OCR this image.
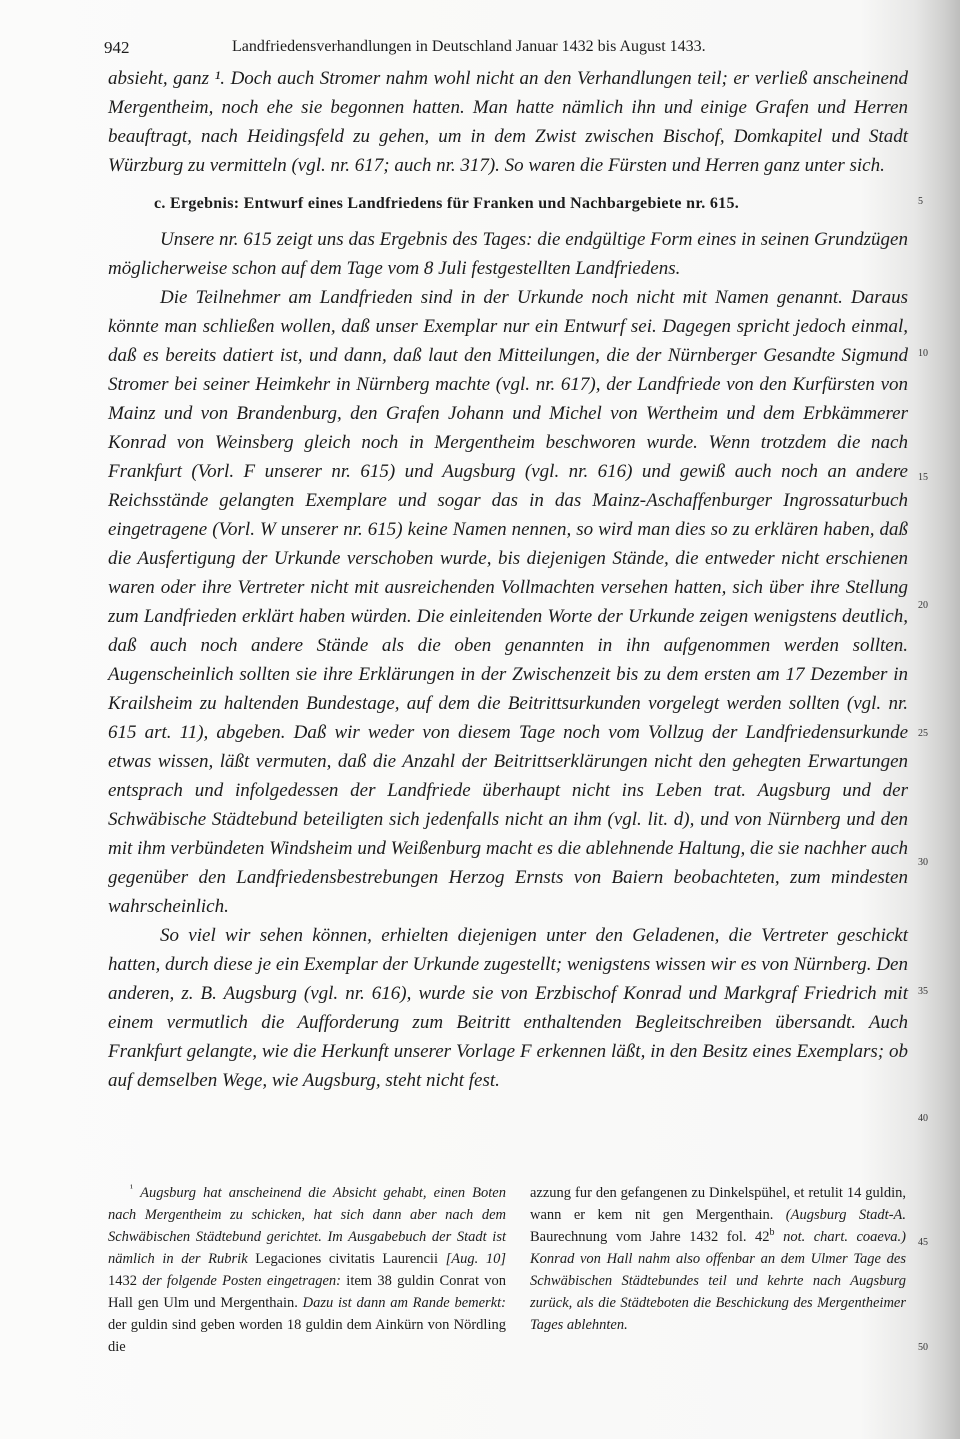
942	Landfriedensverhandlungen in Deutschland Januar 1432 bis August 1433.

absieht, ganz ¹. Doch auch Stromer nahm wohl nicht an den Verhandlungen teil; er verließ anscheinend Mergentheim, noch ehe sie begonnen hatten. Man hatte nämlich ihn und einige Grafen und Herren beauftragt, nach Heidingsfeld zu gehen, um in dem Zwist zwischen Bischof, Domkapitel und Stadt Würzburg zu vermitteln (vgl. nr. 617; auch nr. 317). So waren die Fürsten und Herren ganz unter sich.

c. Ergebnis: Entwurf eines Landfriedens für Franken und Nachbargebiete nr. 615.

Unsere nr. 615 zeigt uns das Ergebnis des Tages: die endgültige Form eines in seinen Grundzügen möglicherweise schon auf dem Tage vom 8 Juli festgestellten Landfriedens.

Die Teilnehmer am Landfrieden sind in der Urkunde noch nicht mit Namen genannt. Daraus könnte man schließen wollen, daß unser Exemplar nur ein Entwurf sei. Dagegen spricht jedoch einmal, daß es bereits datiert ist, und dann, daß laut den Mitteilungen, die der Nürnberger Gesandte Sigmund Stromer bei seiner Heimkehr in Nürnberg machte (vgl. nr. 617), der Landfriede von den Kurfürsten von Mainz und von Brandenburg, den Grafen Johann und Michel von Wertheim und dem Erbkämmerer Konrad von Weinsberg gleich noch in Mergentheim beschworen wurde. Wenn trotzdem die nach Frankfurt (Vorl. F unserer nr. 615) und Augsburg (vgl. nr. 616) und gewiß auch noch an andere Reichsstände gelangten Exemplare und sogar das in das Mainz-Aschaffenburger Ingrossaturbuch eingetragene (Vorl. W unserer nr. 615) keine Namen nennen, so wird man dies so zu erklären haben, daß die Ausfertigung der Urkunde verschoben wurde, bis diejenigen Stände, die entweder nicht erschienen waren oder ihre Vertreter nicht mit ausreichenden Vollmachten versehen hatten, sich über ihre Stellung zum Landfrieden erklärt haben würden. Die einleitenden Worte der Urkunde zeigen wenigstens deutlich, daß auch noch andere Stände als die oben genannten in ihn aufgenommen werden sollten. Augenscheinlich sollten sie ihre Erklärungen in der Zwischenzeit bis zu dem ersten am 17 Dezember in Krailsheim zu haltenden Bundestage, auf dem die Beitrittsurkunden vorgelegt werden sollten (vgl. nr. 615 art. 11), abgeben. Daß wir weder von diesem Tage noch vom Vollzug der Landfriedensurkunde etwas wissen, läßt vermuten, daß die Anzahl der Beitrittserklärungen nicht den gehegten Erwartungen entsprach und infolgedessen der Landfriede überhaupt nicht ins Leben trat. Augsburg und der Schwäbische Städtebund beteiligten sich jedenfalls nicht an ihm (vgl. lit. d), und von Nürnberg und den mit ihm verbündeten Windsheim und Weißenburg macht es die ablehnende Haltung, die sie nachher auch gegenüber den Landfriedensbestrebungen Herzog Ernsts von Baiern beobachteten, zum mindesten wahrscheinlich.

So viel wir sehen können, erhielten diejenigen unter den Geladenen, die Vertreter geschickt hatten, durch diese je ein Exemplar der Urkunde zugestellt; wenigstens wissen wir es von Nürnberg. Den anderen, z. B. Augsburg (vgl. nr. 616), wurde sie von Erzbischof Konrad und Markgraf Friedrich mit einem vermutlich die Aufforderung zum Beitritt enthaltenden Begleitschreiben übersandt. Auch Frankfurt gelangte, wie die Herkunft unserer Vorlage F erkennen läßt, in den Besitz eines Exemplars; ob auf demselben Wege, wie Augsburg, steht nicht fest.

5
10
15
20
25
30
35
40
45
50

$^{^1}$ Augsburg hat anscheinend die Absicht gehabt, einen Boten nach Mergentheim zu schicken, hat sich dann aber nach dem Schwäbischen Städtebund gerichtet. Im Ausgabebuch der Stadt ist nämlich in der Rubrik Legaciones civitatis Laurencii [Aug. 10] 1432 der folgende Posten eingetragen: item 38 guldin Conrat von Hall gen Ulm und Mergenthain. Dazu ist dann am Rande bemerkt: der guldin sind geben worden 18 guldin dem Ainkürn von Nördling die

azzung fur den gefangenen zu Dinkelspühel, et retulit 14 guldin, wann er kem nit gen Mergenthain. (Augsburg Stadt-A. Baurechnung vom Jahre 1432 fol. 42$^b$ not. chart. coaeva.) Konrad von Hall nahm also offenbar an dem Ulmer Tage des Schwäbischen Städtebundes teil und kehrte nach Augsburg zurück, als die Städteboten die Beschickung des Mergentheimer Tages ablehnten.
